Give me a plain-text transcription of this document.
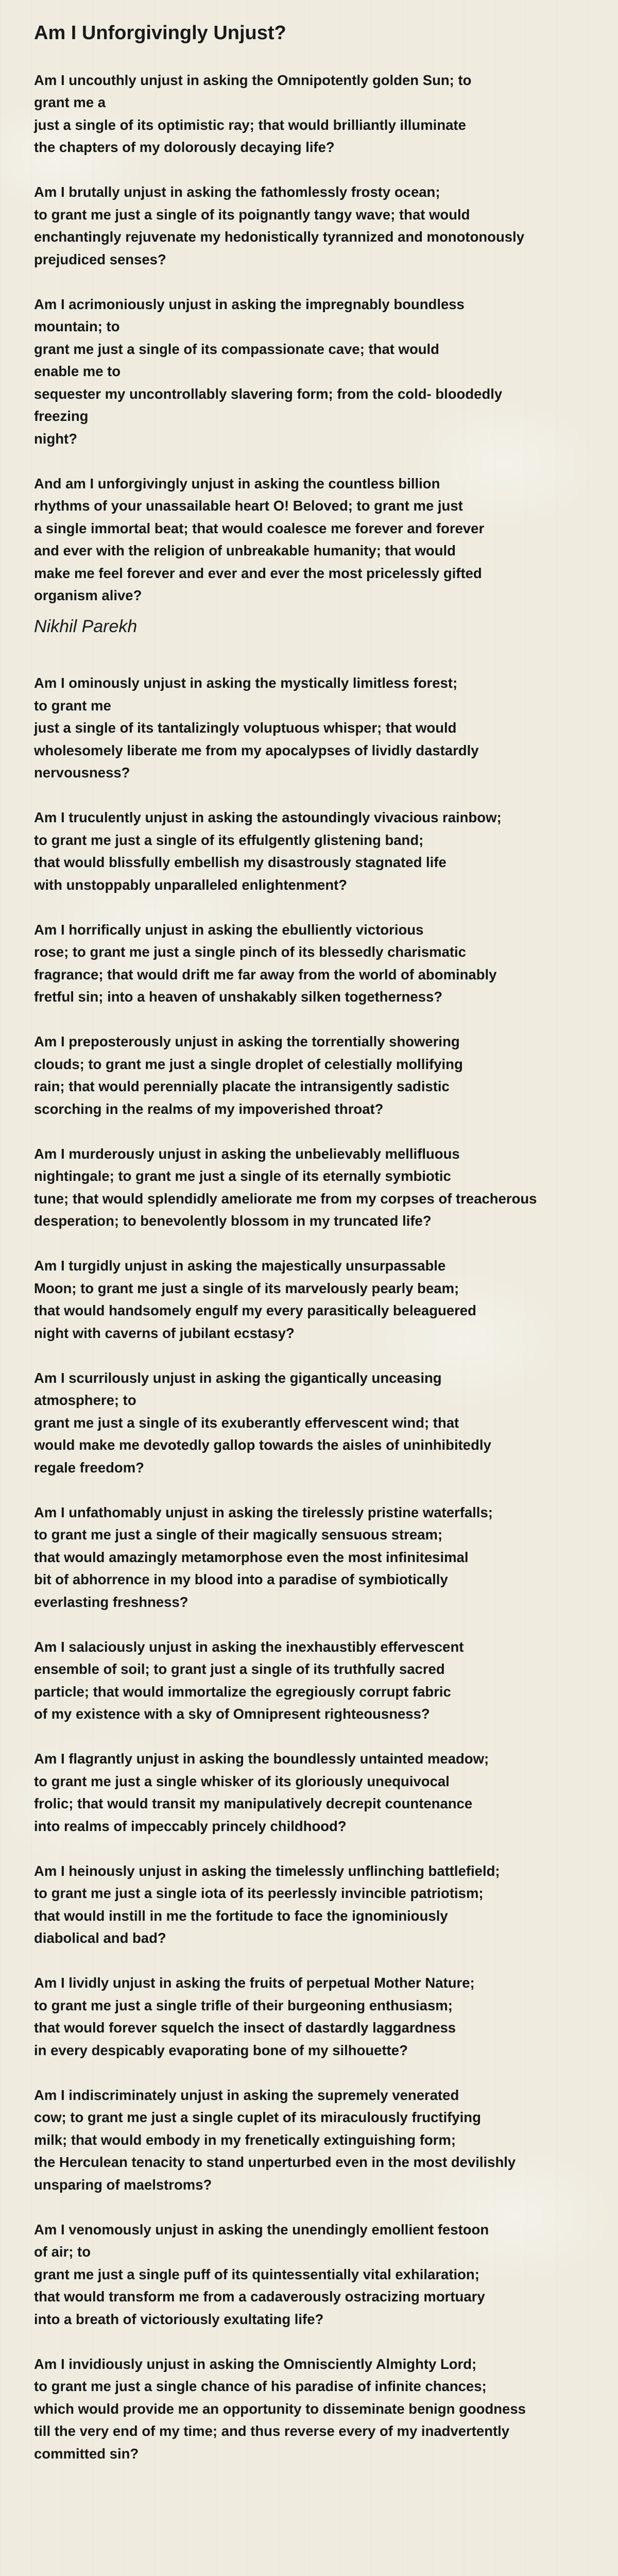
Am I Unforgivingly Unjust?

Am I uncouthly unjust in asking the Omnipotently golden Sun; to
grant me a
just a single of its optimistic ray; that would brilliantly illuminate
the chapters of my dolorously decaying life?

Am I brutally unjust in asking the fathomlessly frosty ocean;
to grant me just a single of its poignantly tangy wave; that would
enchantingly rejuvenate my hedonistically tyrannized and monotonously
prejudiced senses?

Am I acrimoniously unjust in asking the impregnably boundless
mountain; to
grant me just a single of its compassionate cave; that would
enable me to
sequester my uncontrollably slavering form; from the cold- bloodedly
freezing
night?

And am I unforgivingly unjust in asking the countless billion
rhythms of your unassailable heart O! Beloved; to grant me just
a single immortal beat; that would coalesce me forever and forever
and ever with the religion of unbreakable humanity; that would
make me feel forever and ever and ever the most pricelessly gifted
organism alive?

Nikhil Parekh

Am I ominously unjust in asking the mystically limitless forest;
to grant me
just a single of its tantalizingly voluptuous whisper; that would
wholesomely liberate me from my apocalypses of lividly dastardly
nervousness?

Am I truculently unjust in asking the astoundingly vivacious rainbow;
to grant me just a single of its effulgently glistening band;
that would blissfully embellish my disastrously stagnated life
with unstoppably unparalleled enlightenment?

Am I horrifically unjust in asking the ebulliently victorious
rose; to grant me just a single pinch of its blessedly charismatic
fragrance; that would drift me far away from the world of abominably
fretful sin; into a heaven of unshakably silken togetherness?

Am I preposterously unjust in asking the torrentially showering
clouds; to grant me just a single droplet of celestially mollifying
rain; that would perennially placate the intransigently sadistic
scorching in the realms of my impoverished throat?

Am I murderously unjust in asking the unbelievably mellifluous
nightingale; to grant me just a single of its eternally symbiotic
tune; that would splendidly ameliorate me from my corpses of treacherous
desperation; to benevolently blossom in my truncated life?

Am I turgidly unjust in asking the majestically unsurpassable
Moon; to grant me just a single of its marvelously pearly beam;
that would handsomely engulf my every parasitically beleaguered
night with caverns of jubilant ecstasy?

Am I scurrilously unjust in asking the gigantically unceasing
atmosphere; to
grant me just a single of its exuberantly effervescent wind; that
would make me devotedly gallop towards the aisles of uninhibitedly
regale freedom?

Am I unfathomably unjust in asking the tirelessly pristine waterfalls;
to grant me just a single of their magically sensuous stream;
that would amazingly metamorphose even the most infinitesimal
bit of abhorrence in my blood into a paradise of symbiotically
everlasting freshness?

Am I salaciously unjust in asking the inexhaustibly effervescent
ensemble of soil; to grant just a single of its truthfully sacred
particle; that would immortalize the egregiously corrupt fabric
of my existence with a sky of Omnipresent righteousness?

Am I flagrantly unjust in asking the boundlessly untainted meadow;
to grant me just a single whisker of its gloriously unequivocal
frolic; that would transit my manipulatively decrepit countenance
into realms of impeccably princely childhood?

Am I heinously unjust in asking the timelessly unflinching battlefield;
to grant me just a single iota of its peerlessly invincible patriotism;
that would instill in me the fortitude to face the ignominiously
diabolical and bad?

Am I lividly unjust in asking the fruits of perpetual Mother Nature;
to grant me just a single trifle of their burgeoning enthusiasm;
that would forever squelch the insect of dastardly laggardness
in every despicably evaporating bone of my silhouette?

Am I indiscriminately unjust in asking the supremely venerated
cow; to grant me just a single cuplet of its miraculously fructifying
milk; that would embody in my frenetically extinguishing form;
the Herculean tenacity to stand unperturbed even in the most devilishly
unsparing of maelstroms?

Am I venomously unjust in asking the unendingly emollient festoon
of air; to
grant me just a single puff of its quintessentially vital exhilaration;
that would transform me from a cadaverously ostracizing mortuary
into a breath of victoriously exultating life?

Am I invidiously unjust in asking the Omnisciently Almighty Lord;
to grant me just a single chance of his paradise of infinite chances;
which would provide me an opportunity to disseminate benign goodness
till the very end of my time; and thus reverse every of my inadvertently
committed sin?
